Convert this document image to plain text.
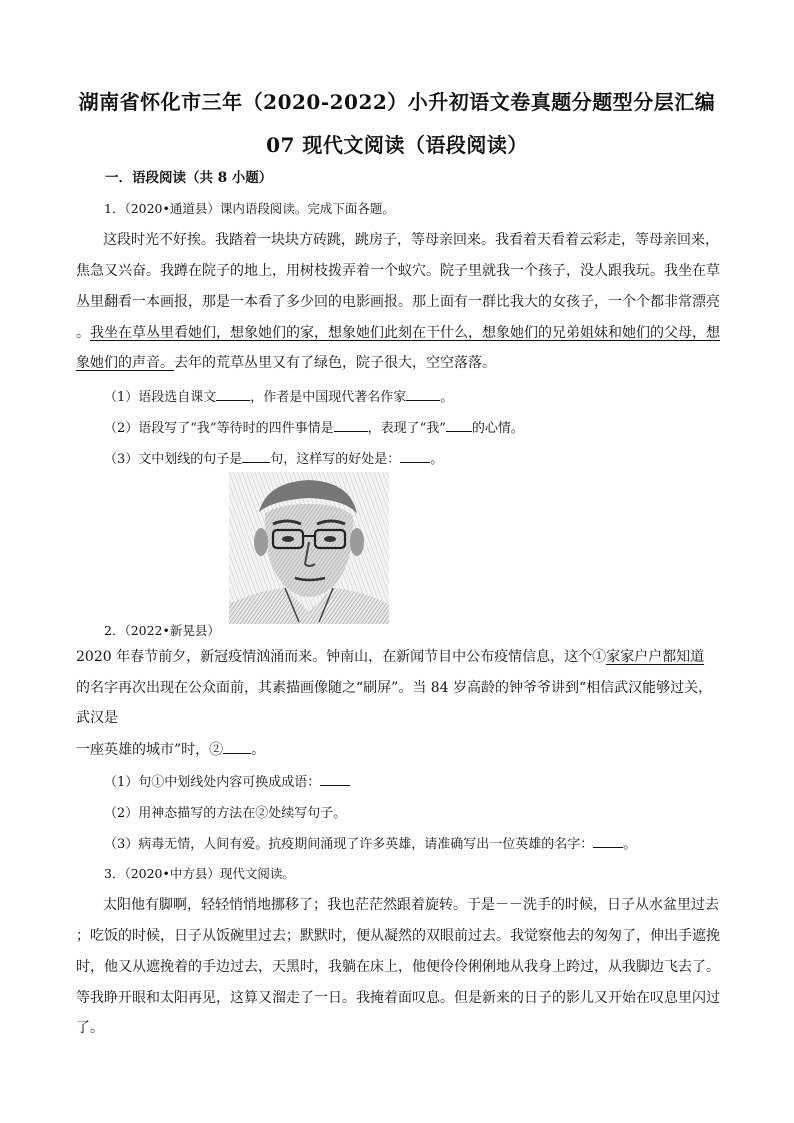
湖南省怀化市三年（2020-2022）小升初语文卷真题分题型分层汇编
07 现代文阅读（语段阅读）
一．语段阅读（共 8 小题）
1．（2020•通道县）课内语段阅读。完成下面各题。
这段时光不好挨。我踏着一块块方砖跳，跳房子，等母亲回来。我看着天看着云彩走，等母亲回来，
焦急又兴奋。我蹲在院子的地上，用树枝拨弄着一个蚁穴。院子里就我一个孩子，没人跟我玩。我坐在草
丛里翻看一本画报，那是一本看了多少回的电影画报。那上面有一群比我大的女孩子，一个个都非常漂亮
。我坐在草丛里看她们，想象她们的家，想象她们此刻在干什么，想象她们的兄弟姐妹和她们的父母，想
象她们的声音。去年的荒草丛里又有了绿色，院子很大，空空落落。
（1）语段选自课文	，作者是中国现代著名作家	。
（2）语段写了“我”等待时的四件事情是	，表现了“我” 的心情。
（3）文中划线的句子是 句，这样写的好处是： 。
2．（2022•新晃县）
2020 年春节前夕，新冠疫情汹涌而来。钟南山，在新闻节目中公布疫情信息，这个①家家户户都知道
的名字再次出现在公众面前，其素描画像随之“刷屏”。当 84 岁高龄的钟爷爷讲到“相信武汉能够过关，
武汉是
一座英雄的城市”时，② 。
（1）句①中划线处内容可换成成语：
（2）用神态描写的方法在②处续写句子。
（3）病毒无情，人间有爱。抗疫期间涌现了许多英雄，请准确写出一位英雄的名字： 。
3．（2020•中方县）现代文阅读。
太阳他有脚啊，轻轻悄悄地挪移了；我也茫茫然跟着旋转。于是－－洗手的时候，日子从水盆里过去
；吃饭的时候，日子从饭碗里过去；默默时，便从凝然的双眼前过去。我觉察他去的匆匆了，伸出手遮挽
时，他又从遮挽着的手边过去，天黑时，我躺在床上，他便伶伶俐俐地从我身上跨过，从我脚边飞去了。
等我睁开眼和太阳再见，这算又溜走了一日。我掩着面叹息。但是新来的日子的影儿又开始在叹息里闪过
了。
